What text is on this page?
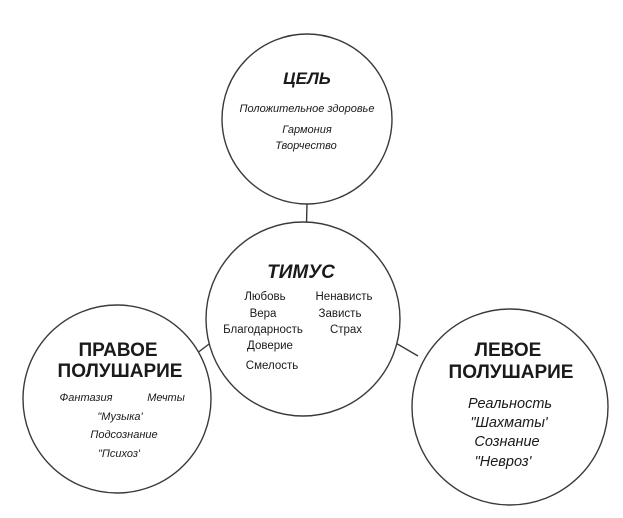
ЦЕЛЬ
Положительное здоровье
Гармония
Творчество
ТИМУС
Любовь
Вера
Благодарность
Доверие
Смелость
Ненависть
Зависть
Страх
ПРАВОЕ
ПОЛУШАРИЕ
Фантазия	Мечты
"Музыка'
Подсознание
"Психоз'
ЛЕВОЕ
ПОЛУШАРИЕ
Реальность
"Шахматы'
Сознание
"Невроз'
